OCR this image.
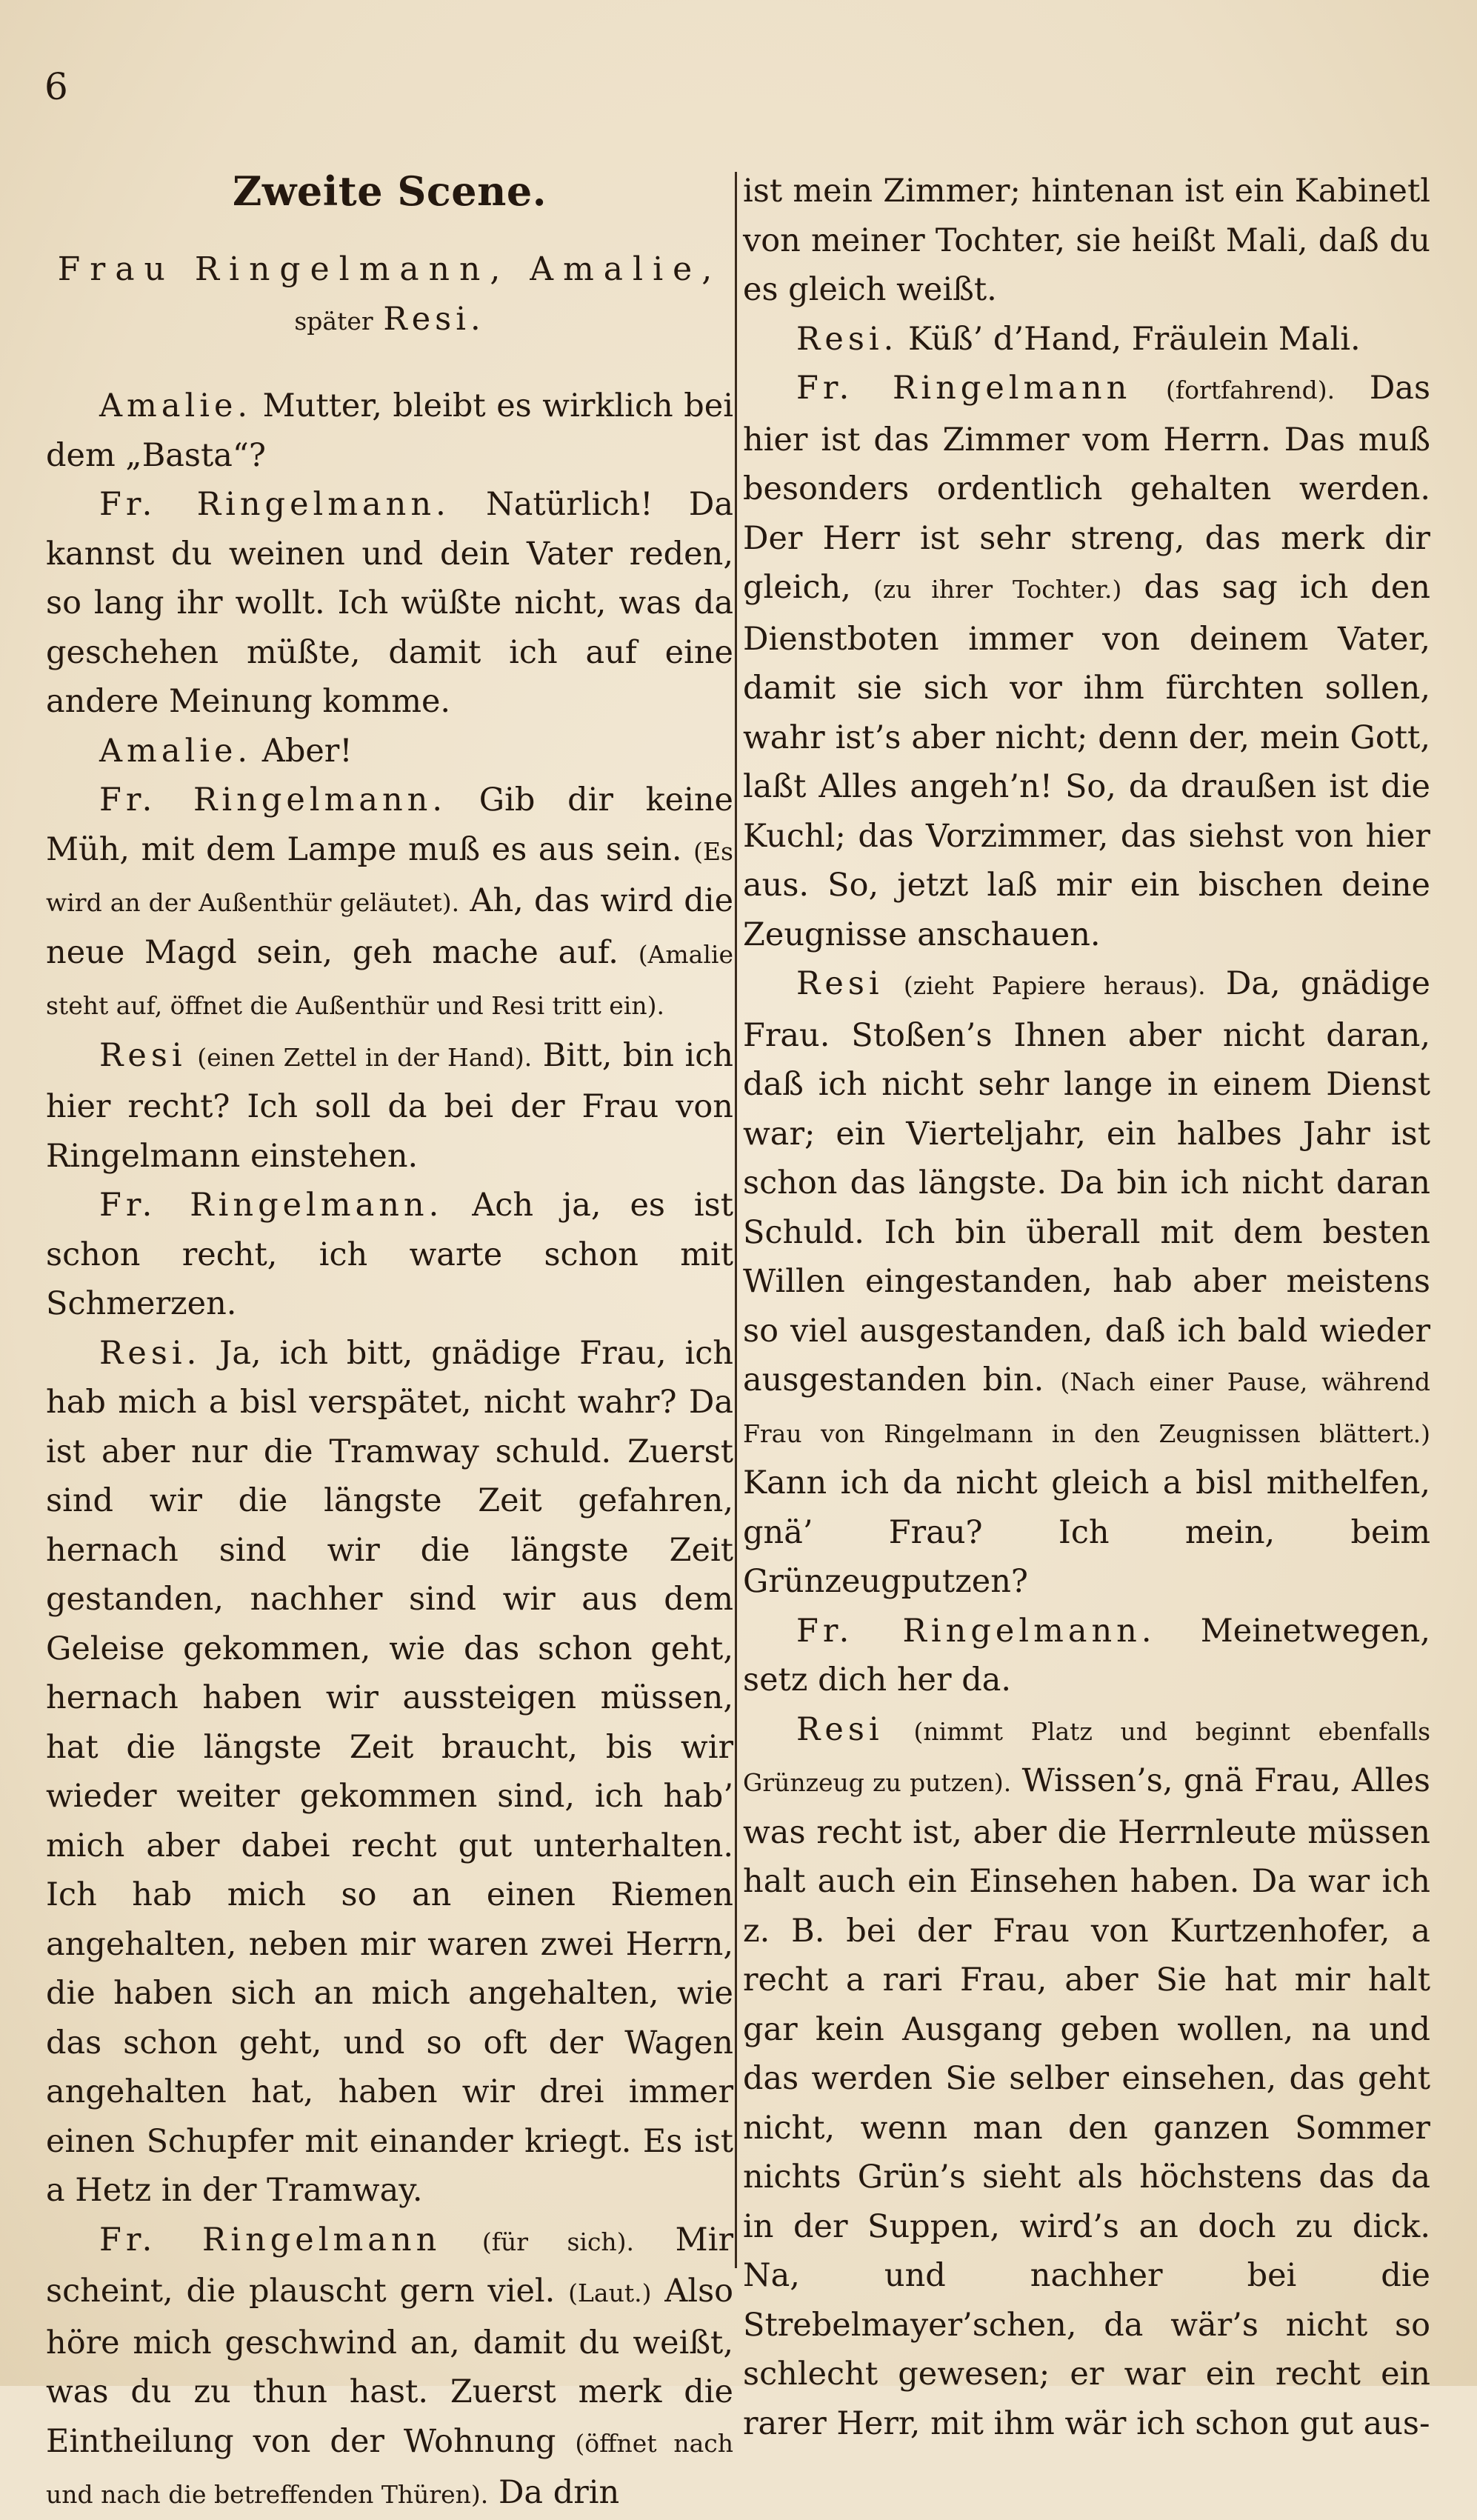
6
Zweite Scene.
Frau Ringelmann, Amalie,
später Resi.

Amalie. Mutter, bleibt es wirklich bei dem „Basta“?

Fr. Ringelmann. Natürlich! Da kannst du weinen und dein Vater reden, so lang ihr wollt. Ich wüßte nicht, was da geschehen müßte, damit ich auf eine andere Meinung komme.

Amalie. Aber!

Fr. Ringelmann. Gib dir keine Müh, mit dem Lampe muß es aus sein. (Es wird an der Außenthür geläutet). Ah, das wird die neue Magd sein, geh mache auf. (Amalie steht auf, öffnet die Außenthür und Resi tritt ein).

Resi (einen Zettel in der Hand). Bitt, bin ich hier recht? Ich soll da bei der Frau von Ringelmann einstehen.

Fr. Ringelmann. Ach ja, es ist schon recht, ich warte schon mit Schmerzen.

Resi. Ja, ich bitt, gnädige Frau, ich hab mich a bisl verspätet, nicht wahr? Da ist aber nur die Tramway schuld. Zuerst sind wir die längste Zeit gefahren, hernach sind wir die längste Zeit gestanden, nachher sind wir aus dem Geleise gekommen, wie das schon geht, hernach haben wir aussteigen müssen, hat die längste Zeit braucht, bis wir wieder weiter gekommen sind, ich hab’ mich aber dabei recht gut unterhalten. Ich hab mich so an einen Riemen angehalten, neben mir waren zwei Herrn, die haben sich an mich angehalten, wie das schon geht, und so oft der Wagen angehalten hat, haben wir drei immer einen Schupfer mit einander kriegt. Es ist a Hetz in der Tramway.

Fr. Ringelmann (für sich). Mir scheint, die plauscht gern viel. (Laut.) Also höre mich geschwind an, damit du weißt, was du zu thun hast. Zuerst merk die Eintheilung von der Wohnung (öffnet nach und nach die betreffenden Thüren). Da drin

ist mein Zimmer; hintenan ist ein Kabinetl von meiner Tochter, sie heißt Mali, daß du es gleich weißt.

Resi. Küß’ d’Hand, Fräulein Mali.

Fr. Ringelmann (fortfahrend). Das hier ist das Zimmer vom Herrn. Das muß besonders ordentlich gehalten werden. Der Herr ist sehr streng, das merk dir gleich, (zu ihrer Tochter.) das sag ich den Dienstboten immer von deinem Vater, damit sie sich vor ihm fürchten sollen, wahr ist’s aber nicht; denn der, mein Gott, laßt Alles angeh’n! So, da draußen ist die Kuchl; das Vorzimmer, das siehst von hier aus. So, jetzt laß mir ein bischen deine Zeugnisse anschauen.

Resi (zieht Papiere heraus). Da, gnädige Frau. Stoßen’s Ihnen aber nicht daran, daß ich nicht sehr lange in einem Dienst war; ein Vierteljahr, ein halbes Jahr ist schon das längste. Da bin ich nicht daran Schuld. Ich bin überall mit dem besten Willen eingestanden, hab aber meistens so viel ausgestanden, daß ich bald wieder ausgestanden bin. (Nach einer Pause, während Frau von Ringelmann in den Zeugnissen blättert.) Kann ich da nicht gleich a bisl mithelfen, gnä’ Frau? Ich mein, beim Grünzeugputzen?

Fr. Ringelmann. Meinetwegen, setz dich her da.

Resi (nimmt Platz und beginnt ebenfalls Grünzeug zu putzen). Wissen’s, gnä Frau, Alles was recht ist, aber die Herrnleute müssen halt auch ein Einsehen haben. Da war ich z. B. bei der Frau von Kurtzenhofer, a recht a rari Frau, aber Sie hat mir halt gar kein Ausgang geben wollen, na und das werden Sie selber einsehen, das geht nicht, wenn man den ganzen Sommer nichts Grün’s sieht als höchstens das da in der Suppen, wird’s an doch zu dick. Na, und nachher bei die Strebelmayer’schen, da wär’s nicht so schlecht gewesen; er war ein recht ein rarer Herr, mit ihm wär ich schon gut aus-
